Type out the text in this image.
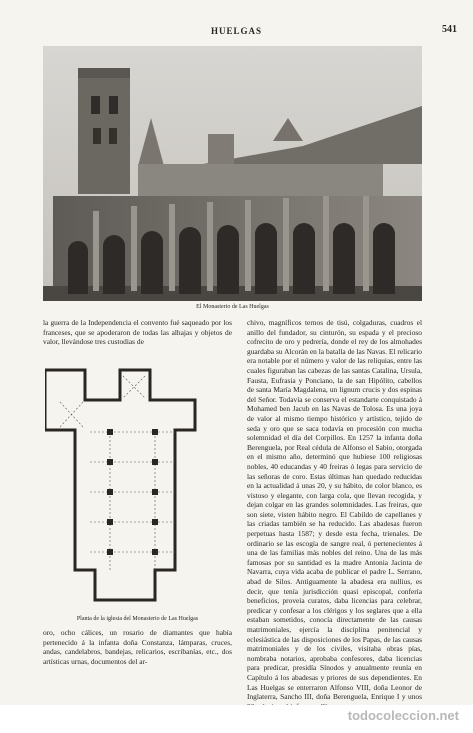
HUELGAS	541
El Monasterio de Las Huelgas
la guerra de la Independencia el convento fué saqueado por los franceses, que se apoderaron de todas las alhajas y objetos de valor, llevándose tres custodias de
Planta de la iglesia del Monasterio de Las Huelgas
oro, ocho cálices, un rosario de diamantes que había pertenecido á la infanta doña Constanza, lámparas, cruces, andas, candelabros, bandejas, relicarios, escribanías, etc., dos artísticas urnas, documentos del ar-
chivo, magníficos ternos de tisú, colgaduras, cuadros el anillo del fundador, su cinturón, su espada y el precioso cofrecito de oro y pedrería, donde el rey de los almohades guardaba su Alcorán en la batalla de las Navas. El relicario era notable por el número y valor de las reliquias, entre las cuales figuraban las cabezas de las santas Catalina, Ursula, Fausta, Eufrasia y Ponciano, la de san Hipólito, cabellos de santa María Magdalena, un lignum crucis y dos espinas del Señor. Todavía se conserva el estandarte conquistado á Mohamed ben Jacub en las Navas de Tolosa. Es una joya de valor al mismo tiempo histórico y artístico, tejido de seda y oro que se saca todavía en procesión con mucha solemnidad el día del Corpillos. En 1257 la infanta doña Berenguela, por Real cédula de Alfonso el Sabio, otorgada en el mismo año, determinó que hubiese 100 religiosas nobles, 40 educandas y 40 freiras ó legas para servicio de las señoras de coro. Estas últimas han quedado reducidas en la actualidad á unas 20, y su hábito, de color blanco, es vistoso y elegante, con larga cola, que llevan recogida, y dejan colgar en las grandes solemnidades. Las freiras, que son siete, visten hábito negro. El Cabildo de capellanes y las criadas también se ha reducido. Las abadesas fueron perpetuas hasta 1587; y desde esta fecha, trienales. De ordinario se las escogía de sangre real, ó pertenecientes á una de las familias más nobles del reino. Una de las más famosas por su santidad es la madre Antonia Jacinta de Navarra, cuya vida acaba de publicar el padre L. Serrano, abad de Silos. Antiguamente la abadesa era nullius, es decir, que tenía jurisdicción quasi episcopal, confería beneficios, proveía curatos, daba licencias para celebrar, predicar y confesar a los clérigos y los seglares que a ella estaban sometidos, conocía directamente de las causas matrimoniales, ejercía la disciplina penitencial y eclesiástica de las disposiciones de los Papas, de las causas matrimoniales y de los civiles, visitaba obras pías, nombraba notarios, aprobaba confesores, daba licencias para predicar, presidía Sínodos y anualmente reunía en Capítulo á los abadesas y priores de sus dependientes. En Las Huelgas se enterraron Alfonso VIII, doña Leonor de Inglaterra, Sancho III, doña Berenguela, Enrique I y unos
todocoleccion.net
